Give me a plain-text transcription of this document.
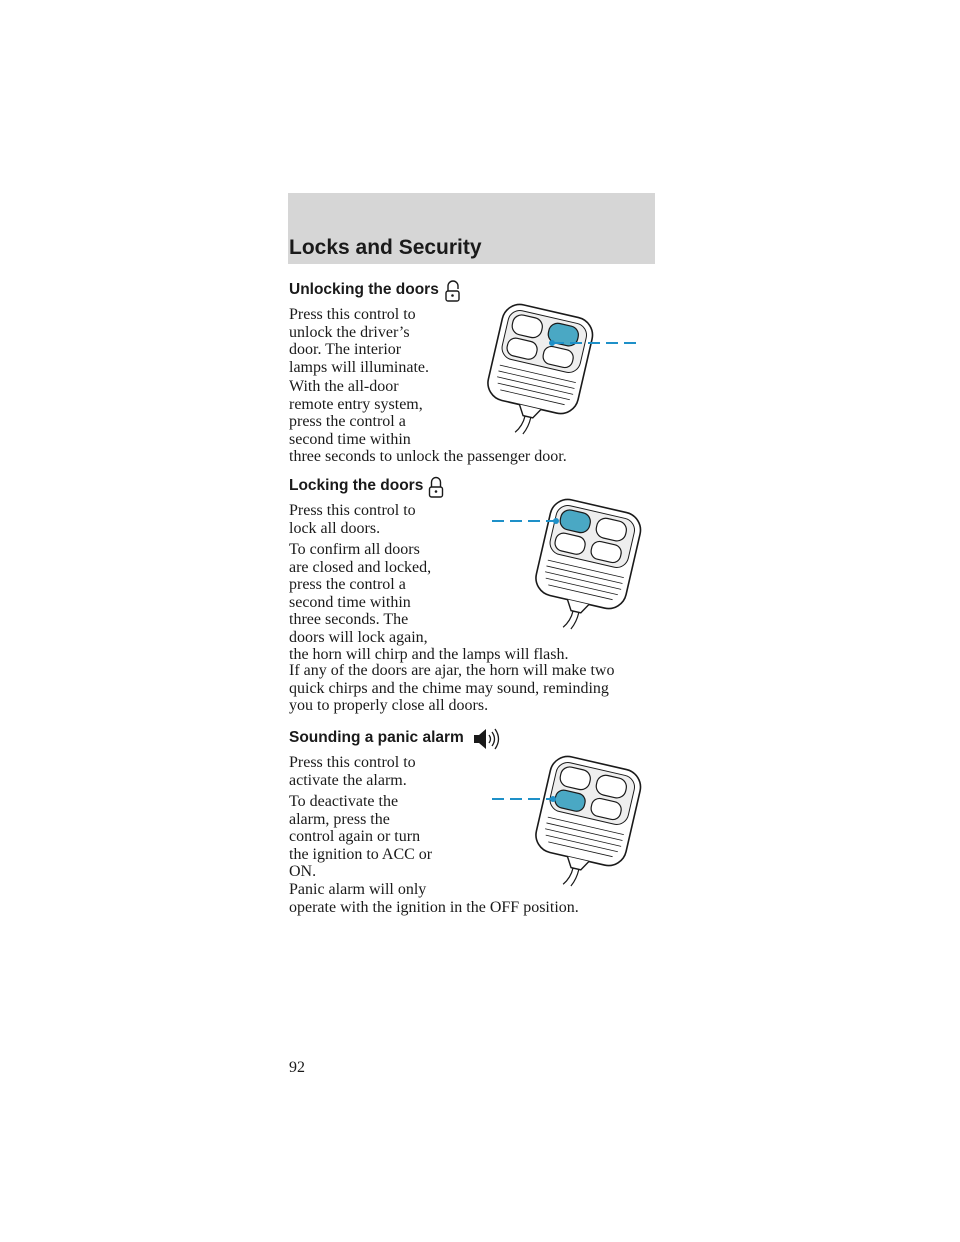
Locks and Security
Unlocking the doors

Press this control to
unlock the driver’s
door. The interior
lamps will illuminate.

With the all-door
remote entry system,
press the control a
second time within
three seconds to unlock the passenger door.

Locking the doors

Press this control to
lock all doors.

To confirm all doors
are closed and locked,
press the control a
second time within
three seconds. The
doors will lock again,
the horn will chirp and the lamps will flash.

If any of the doors are ajar, the horn will make two
quick chirps and the chime may sound, reminding
you to properly close all doors.

Sounding a panic alarm

Press this control to
activate the alarm.

To deactivate the
alarm, press the
control again or turn
the ignition to ACC or
ON.

Panic alarm will only
operate with the ignition in the OFF position.

92
